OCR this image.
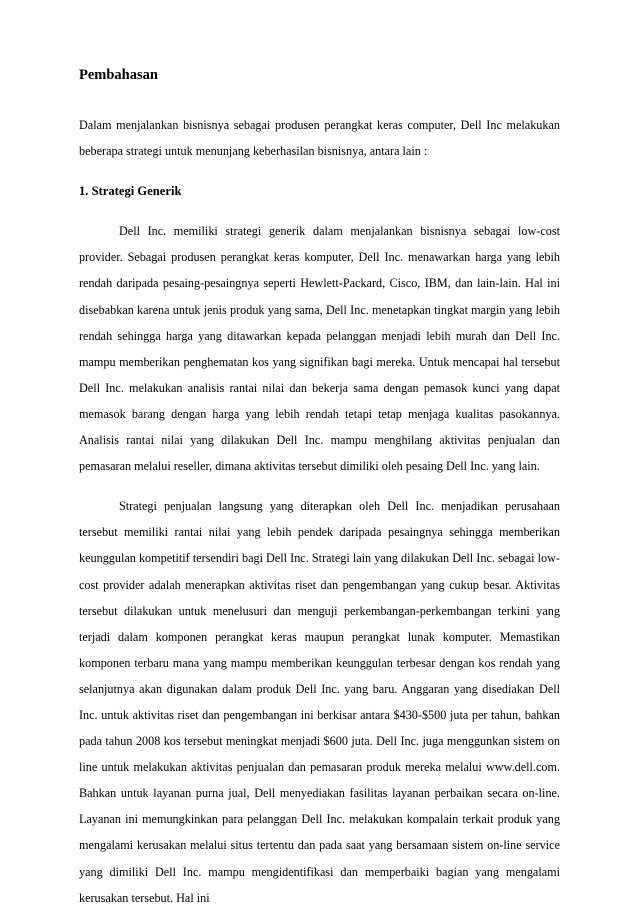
Pembahasan

Dalam menjalankan bisnisnya sebagai produsen perangkat keras computer, Dell Inc melakukan beberapa strategi untuk menunjang keberhasilan bisnisnya, antara lain :

1. Strategi Generik

Dell Inc. memiliki strategi generik dalam menjalankan bisnisnya sebagai low-cost provider. Sebagai produsen perangkat keras komputer, Dell Inc. menawarkan harga yang lebih rendah daripada pesaing-pesaingnya seperti Hewlett-Packard, Cisco, IBM, dan lain-lain. Hal ini disebabkan karena untuk jenis produk yang sama, Dell Inc. menetapkan tingkat margin yang lebih rendah sehingga harga yang ditawarkan kepada pelanggan menjadi lebih murah dan Dell Inc. mampu memberikan penghematan kos yang signifikan bagi mereka. Untuk mencapai hal tersebut Dell Inc. melakukan analisis rantai nilai dan bekerja sama dengan pemasok kunci yang dapat memasok barang dengan harga yang lebih rendah tetapi tetap menjaga kualitas pasokannya. Analisis rantai nilai yang dilakukan Dell Inc. mampu menghilang aktivitas penjualan dan pemasaran melalui reseller, dimana aktivitas tersebut dimiliki oleh pesaing Dell Inc. yang lain.

Strategi penjualan langsung yang diterapkan oleh Dell Inc. menjadikan perusahaan tersebut memiliki rantai nilai yang lebih pendek daripada pesaingnya sehingga memberikan keunggulan kompetitif tersendiri bagi Dell Inc. Strategi lain yang dilakukan Dell Inc. sebagai low-cost provider adalah menerapkan aktivitas riset dan pengembangan yang cukup besar. Aktivitas tersebut dilakukan untuk menelusuri dan menguji perkembangan-perkembangan terkini yang terjadi dalam komponen perangkat keras maupun perangkat lunak komputer. Memastikan komponen terbaru mana yang mampu memberikan keunggulan terbesar dengan kos rendah yang selanjutnya akan digunakan dalam produk Dell Inc. yang baru. Anggaran yang disediakan Dell Inc. untuk aktivitas riset dan pengembangan ini berkisar antara $430-$500 juta per tahun, bahkan pada tahun 2008 kos tersebut meningkat menjadi $600 juta. Dell Inc. juga menggunkan sistem on line untuk melakukan aktivitas penjualan dan pemasaran produk mereka melalui www.dell.com. Bahkan untuk layanan purna jual, Dell menyediakan fasilitas layanan perbaikan secara on-line. Layanan ini memungkinkan para pelanggan Dell Inc. melakukan kompalain terkait produk yang mengalami kerusakan melalui situs tertentu dan pada saat yang bersamaan sistem on-line service yang dimiliki Dell Inc. mampu mengidentifikasi dan memperbaiki bagian yang mengalami kerusakan tersebut. Hal ini
